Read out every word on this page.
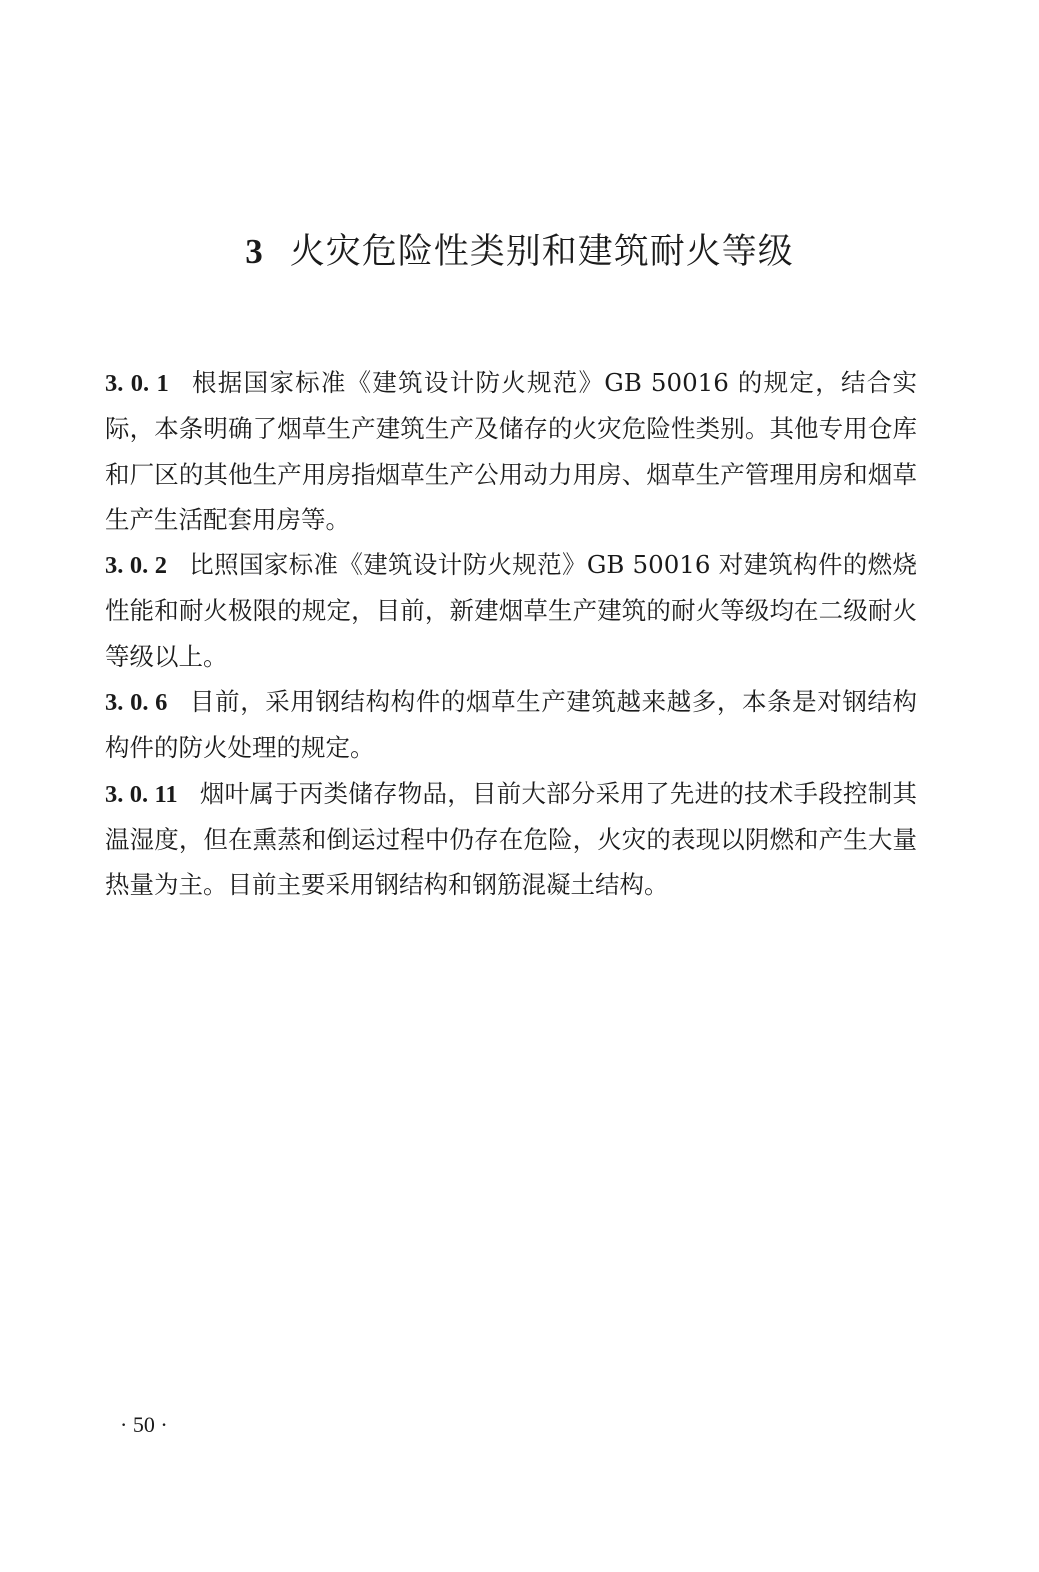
3 火灾危险性类别和建筑耐火等级

3. 0. 1 根据国家标准《建筑设计防火规范》GB 50016 的规定，结合实际，本条明确了烟草生产建筑生产及储存的火灾危险性类别。其他专用仓库和厂区的其他生产用房指烟草生产公用动力用房、烟草生产管理用房和烟草生产生活配套用房等。

3. 0. 2 比照国家标准《建筑设计防火规范》GB 50016 对建筑构件的燃烧性能和耐火极限的规定，目前，新建烟草生产建筑的耐火等级均在二级耐火等级以上。

3. 0. 6 目前，采用钢结构构件的烟草生产建筑越来越多，本条是对钢结构构件的防火处理的规定。

3. 0. 11 烟叶属于丙类储存物品，目前大部分采用了先进的技术手段控制其温湿度，但在熏蒸和倒运过程中仍存在危险，火灾的表现以阴燃和产生大量热量为主。目前主要采用钢结构和钢筋混凝土结构。

· 50 ·
